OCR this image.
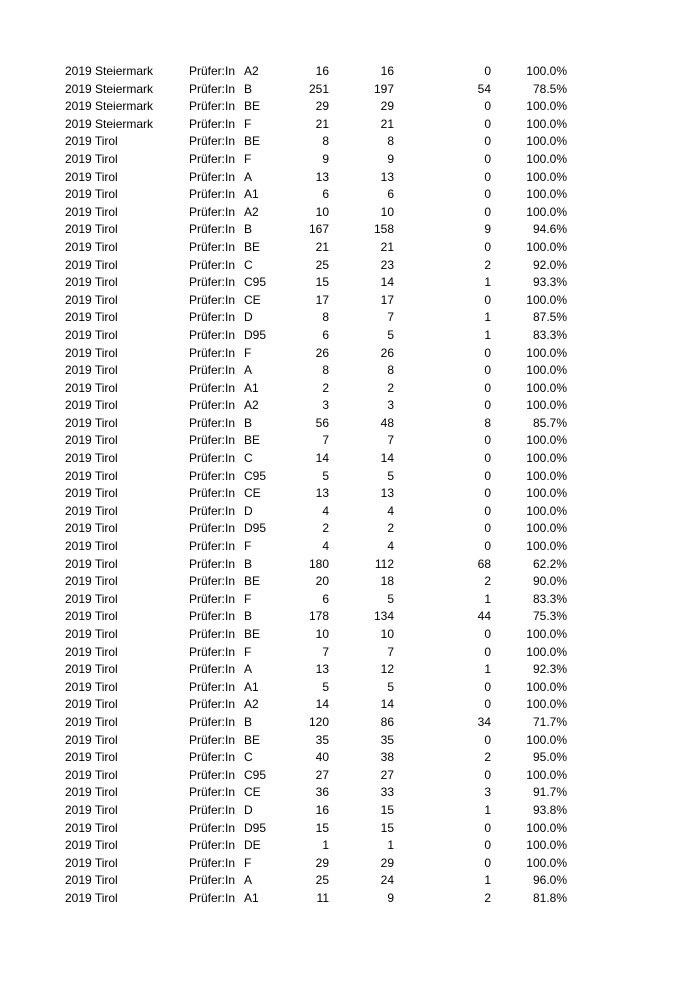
2019 Steiermark	Prüfer:In A2	16	16	0	100.0%
2019 Steiermark	Prüfer:In B	251	197	54	78.5%
2019 Steiermark	Prüfer:In BE	29	29	0	100.0%
2019 Steiermark	Prüfer:In F	21	21	0	100.0%
2019 Tirol	Prüfer:In BE	8	8	0	100.0%
2019 Tirol	Prüfer:In F	9	9	0	100.0%
2019 Tirol	Prüfer:In A	13	13	0	100.0%
2019 Tirol	Prüfer:In A1	6	6	0	100.0%
2019 Tirol	Prüfer:In A2	10	10	0	100.0%
2019 Tirol	Prüfer:In B	167	158	9	94.6%
2019 Tirol	Prüfer:In BE	21	21	0	100.0%
2019 Tirol	Prüfer:In C	25	23	2	92.0%
2019 Tirol	Prüfer:In C95	15	14	1	93.3%
2019 Tirol	Prüfer:In CE	17	17	0	100.0%
2019 Tirol	Prüfer:In D	8	7	1	87.5%
2019 Tirol	Prüfer:In D95	6	5	1	83.3%
2019 Tirol	Prüfer:In F	26	26	0	100.0%
2019 Tirol	Prüfer:In A	8	8	0	100.0%
2019 Tirol	Prüfer:In A1	2	2	0	100.0%
2019 Tirol	Prüfer:In A2	3	3	0	100.0%
2019 Tirol	Prüfer:In B	56	48	8	85.7%
2019 Tirol	Prüfer:In BE	7	7	0	100.0%
2019 Tirol	Prüfer:In C	14	14	0	100.0%
2019 Tirol	Prüfer:In C95	5	5	0	100.0%
2019 Tirol	Prüfer:In CE	13	13	0	100.0%
2019 Tirol	Prüfer:In D	4	4	0	100.0%
2019 Tirol	Prüfer:In D95	2	2	0	100.0%
2019 Tirol	Prüfer:In F	4	4	0	100.0%
2019 Tirol	Prüfer:In B	180	112	68	62.2%
2019 Tirol	Prüfer:In BE	20	18	2	90.0%
2019 Tirol	Prüfer:In F	6	5	1	83.3%
2019 Tirol	Prüfer:In B	178	134	44	75.3%
2019 Tirol	Prüfer:In BE	10	10	0	100.0%
2019 Tirol	Prüfer:In F	7	7	0	100.0%
2019 Tirol	Prüfer:In A	13	12	1	92.3%
2019 Tirol	Prüfer:In A1	5	5	0	100.0%
2019 Tirol	Prüfer:In A2	14	14	0	100.0%
2019 Tirol	Prüfer:In B	120	86	34	71.7%
2019 Tirol	Prüfer:In BE	35	35	0	100.0%
2019 Tirol	Prüfer:In C	40	38	2	95.0%
2019 Tirol	Prüfer:In C95	27	27	0	100.0%
2019 Tirol	Prüfer:In CE	36	33	3	91.7%
2019 Tirol	Prüfer:In D	16	15	1	93.8%
2019 Tirol	Prüfer:In D95	15	15	0	100.0%
2019 Tirol	Prüfer:In DE	1	1	0	100.0%
2019 Tirol	Prüfer:In F	29	29	0	100.0%
2019 Tirol	Prüfer:In A	25	24	1	96.0%
2019 Tirol	Prüfer:In A1	11	9	2	81.8%
